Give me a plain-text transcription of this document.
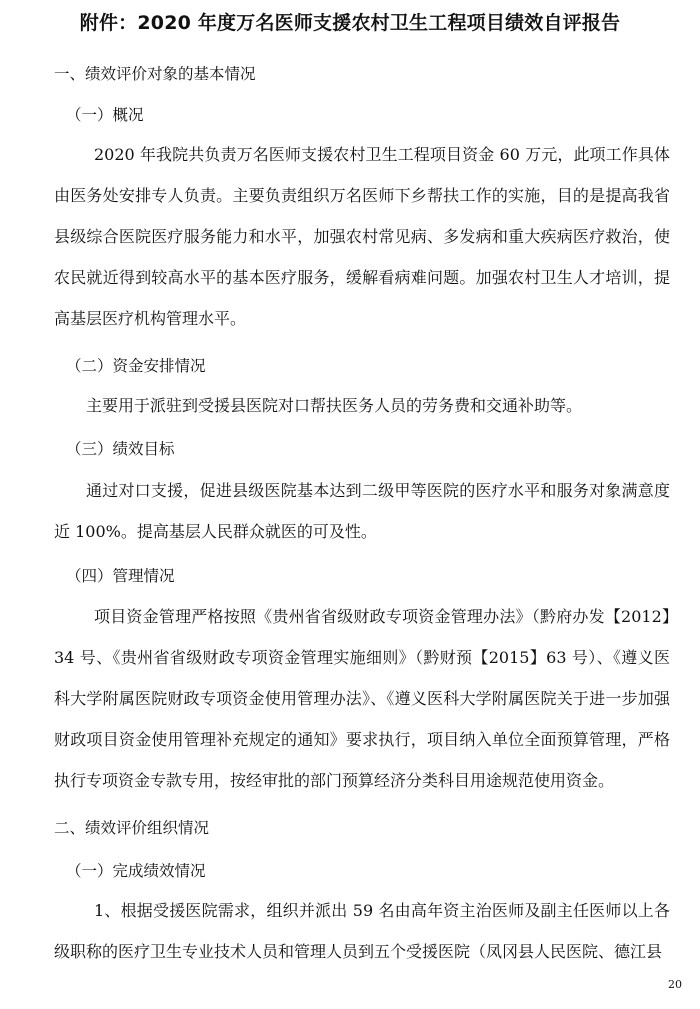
附件：2020 年度万名医师支援农村卫生工程项目绩效自评报告
一、绩效评价对象的基本情况
（一）概况
2020 年我院共负责万名医师支援农村卫生工程项目资金 60 万元，此项工作具体由医务处安排专人负责。主要负责组织万名医师下乡帮扶工作的实施，目的是提高我省县级综合医院医疗服务能力和水平，加强农村常见病、多发病和重大疾病医疗救治，使农民就近得到较高水平的基本医疗服务，缓解看病难问题。加强农村卫生人才培训，提高基层医疗机构管理水平。
（二）资金安排情况
主要用于派驻到受援县医院对口帮扶医务人员的劳务费和交通补助等。
（三）绩效目标
通过对口支援，促进县级医院基本达到二级甲等医院的医疗水平和服务对象满意度近 100%。提高基层人民群众就医的可及性。
（四）管理情况
项目资金管理严格按照《贵州省省级财政专项资金管理办法》（黔府办发【2012】34 号、《贵州省省级财政专项资金管理实施细则》（黔财预【2015】63 号）、《遵义医科大学附属医院财政专项资金使用管理办法》、《遵义医科大学附属医院关于进一步加强财政项目资金使用管理补充规定的通知》要求执行，项目纳入单位全面预算管理，严格执行专项资金专款专用，按经审批的部门预算经济分类科目用途规范使用资金。
二、绩效评价组织情况
（一）完成绩效情况
1、根据受援医院需求，组织并派出 59 名由高年资主治医师及副主任医师以上各级职称的医疗卫生专业技术人员和管理人员到五个受援医院（凤冈县人民医院、德江县
20
